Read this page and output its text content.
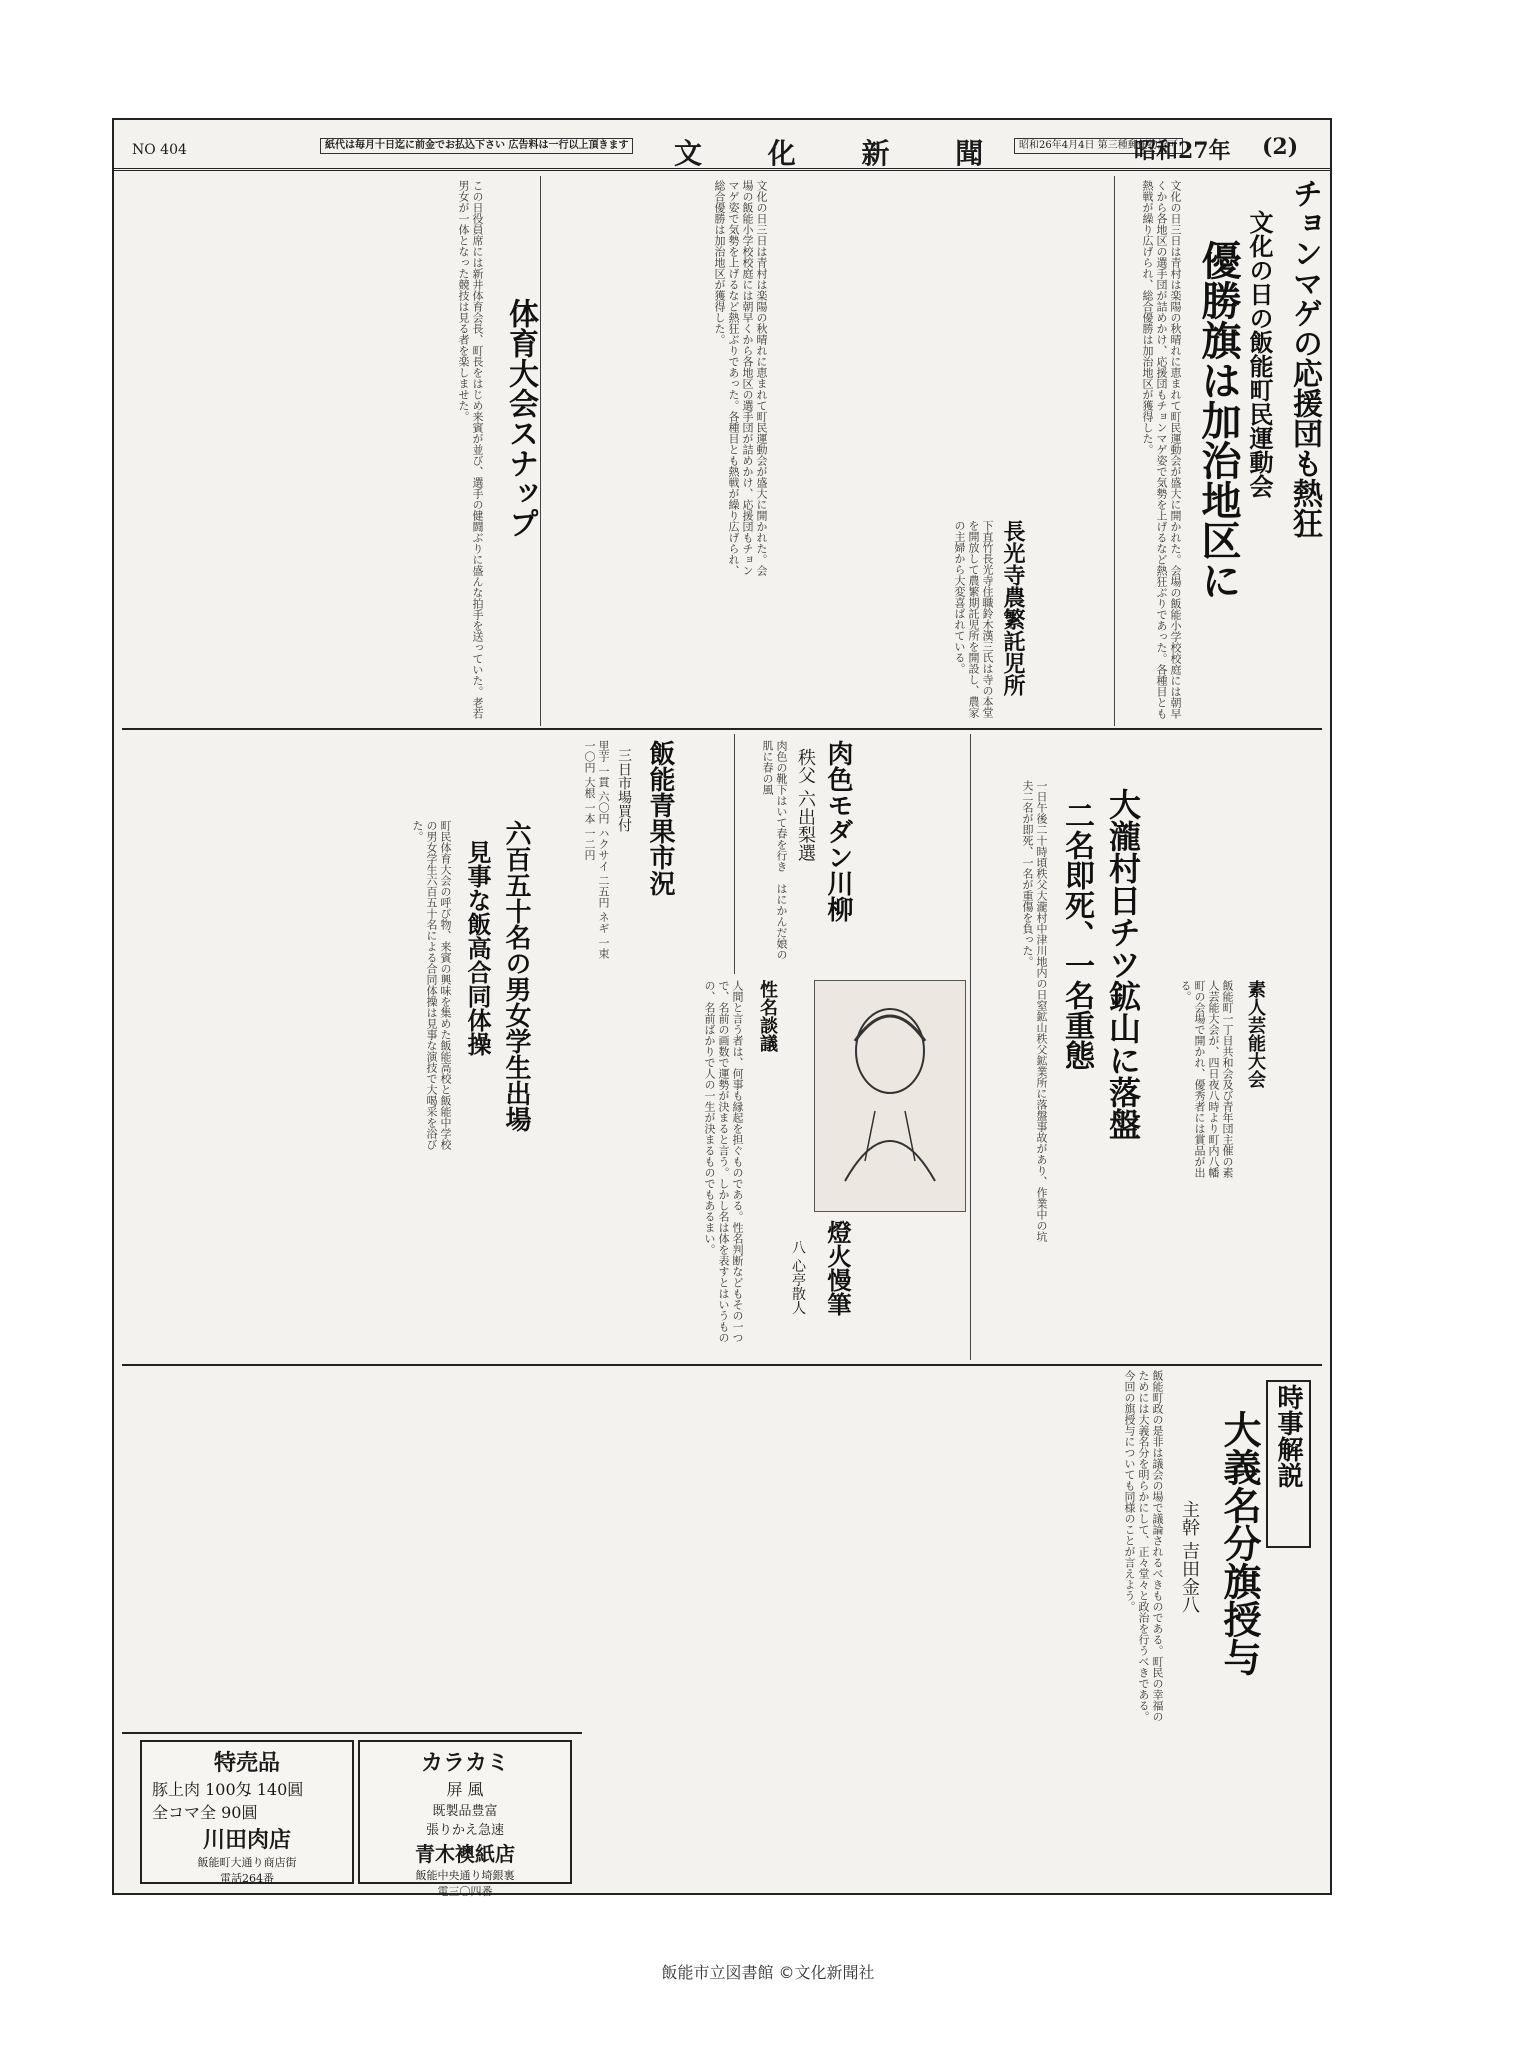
NO 404	紙代は毎月十日迄に前金でお払込下さい 広告料は一行以上頂きます 文 化 新 聞 昭和26年4月4日 第三種郵便物認可
昭和27年 (2)
チョンマゲの応援団も熱狂
文化の日の飯能町民運動会
優勝旗は加治地区に
文化の日三日は青村は楽陽の秋晴れに恵まれて町民運動会が盛大に開かれた。会場の飯能小学校校庭には朝早くから各地区の選手団が詰めかけ、応援団もチョンマゲ姿で気勢を上げるなど熱狂ぶりであった。各種目とも熱戦が繰り広げられ、総合優勝は加治地区が獲得した。
体育大会スナップ
この日役員席には新井体育会長、町長をはじめ来賓が並び、選手の健闘ぶりに盛んな拍手を送っていた。老若男女が一体となった競技は見る者を楽しませた。	文化の日三日は青村は楽陽の秋晴れに恵まれて町民運動会が盛大に開かれた。会場の飯能小学校校庭には朝早くから各地区の選手団が詰めかけ、応援団もチョンマゲ姿で気勢を上げるなど熱狂ぶりであった。各種目とも熱戦が繰り広げられ、総合優勝は加治地区が獲得した。
六百五十名の男女学生出場
見事な飯高合同体操
町民体育大会の呼び物、来賓の興味を集めた飯能高校と飯能中学校の男女学生六百五十名による合同体操は見事な演技で大喝采を浴びた。
長光寺農繁託児所
下直竹長光寺住職鈴木漢三氏は寺の本堂を開放して農繁期託児所を開設し、農家の主婦から大変喜ばれている。
肉色モダン川柳
秩父 六出梨選
肉色の靴下はいて春を行き　はにかんだ娘の肌に春の風
飯能青果市況
三日市場買付
里芋 一貫 六〇円 ハクサイ 二五円 ネギ 一束 一〇円 大根 一本 一二円	大瀧村日チツ鉱山に落盤
二名即死、一名重態
一日午後二十時頃秩父大瀧村中津川地内の日窒鉱山秩父鉱業所に落盤事故があり、作業中の坑夫二名が即死、一名が重傷を負った。
素人芸能大会
飯能町一丁目共和会及び青年団主催の素人芸能大会が、四日夜八時より町内八幡町の会場で開かれ、優秀者には賞品が出る。
燈火慢筆
八 心亭散人
性名談議
人間と言う者は、何事も縁起を担ぐものである。性名判断などもその一つで、名前の画数で運勢が決まると言う。しかし名は体を表すとはいうものの、名前ばかりで人の一生が決まるものでもあるまい。
時事解説
大義名分旗授与
主幹 吉田金八
飯能町政の是非は議会の場で議論されるべきものである。町民の幸福のためには大義名分を明らかにして、正々堂々と政治を行うべきである。今回の旗授与についても同様のことが言えよう。
特売品
豚上肉 100匁 140圓
全コマ全 90圓
川田肉店
飯能町大通り商店街
電話264番
カラカミ
屏 風
既製品豊富
張りかえ急速
青木襖紙店
飯能中央通り埼銀裏
電三〇四番
飯能市立図書館 ©文化新聞社
